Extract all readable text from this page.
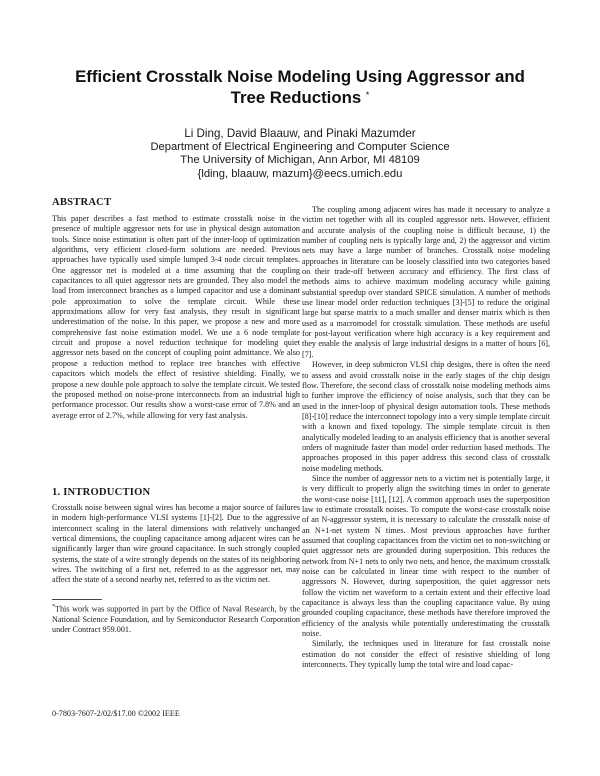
Efficient Crosstalk Noise Modeling Using Aggressor and
Tree Reductions *
Li Ding, David Blaauw, and Pinaki Mazumder
Department of Electrical Engineering and Computer Science
The University of Michigan, Ann Arbor, MI 48109
{lding, blaauw, mazum}@eecs.umich.edu
ABSTRACT

This paper describes a fast method to estimate crosstalk noise in the presence of multiple aggressor nets for use in physical design automation tools. Since noise estimation is often part of the inner-loop of optimization algorithms, very efficient closed-form solutions are needed. Previous approaches have typically used simple lumped 3-4 node circuit templates. One aggressor net is modeled at a time assuming that the coupling capacitances to all quiet aggressor nets are grounded. They also model the load from interconnect branches as a lumped capacitor and use a dominant pole approximation to solve the template circuit. While these approximations allow for very fast analysis, they result in significant underestimation of the noise. In this paper, we propose a new and more comprehensive fast noise estimation model. We use a 6 node template circuit and propose a novel reduction technique for modeling quiet aggressor nets based on the concept of coupling point admittance. We also propose a reduction method to replace tree branches with effective capacitors which models the effect of resistive shielding. Finally, we propose a new double pole approach to solve the template circuit. We tested the proposed method on noise-prone interconnects from an industrial high performance processor. Our results show a worst-case error of 7.8% and an average error of 2.7%, while allowing for very fast analysis.

1. INTRODUCTION

Crosstalk noise between signal wires has become a major source of failures in modern high-performance VLSI systems [1]-[2]. Due to the aggressive interconnect scaling in the lateral dimensions with relatively unchanged vertical dimensions, the coupling capacitance among adjacent wires can be significantly larger than wire ground capacitance. In such strongly coupled systems, the state of a wire strongly depends on the states of its neighboring wires. The switching of a first net, referred to as the aggressor net, may affect the state of a second nearby net, referred to as the victim net.

*This work was supported in part by the Office of Naval Research, by the National Science Foundation, and by Semiconductor Research Corporation under Contract 959.001.

The coupling among adjacent wires has made it necessary to analyze a victim net together with all its coupled aggressor nets. However, efficient and accurate analysis of the coupling noise is difficult because, 1) the number of coupling nets is typically large and, 2) the aggressor and victim nets may have a large number of branches. Crosstalk noise modeling approaches in literature can be loosely classified into two categories based on their trade-off between accuracy and efficiency. The first class of methods aims to achieve maximum modeling accuracy while gaining substantial speedup over standard SPICE simulation. A number of methods use linear model order reduction techniques [3]-[5] to reduce the original large but sparse matrix to a much smaller and denser matrix which is then used as a macromodel for crosstalk simulation. These methods are useful for post-layout verification where high accuracy is a key requirement and they enable the analysis of large industrial designs in a matter of hours [6], [7].

However, in deep submicron VLSI chip designs, there is often the need to assess and avoid crosstalk noise in the early stages of the chip design flow. Therefore, the second class of crosstalk noise modeling methods aims to further improve the efficiency of noise analysis, such that they can be used in the inner-loop of physical design automation tools. These methods [8]-[10] reduce the interconnect topology into a very simple template circuit with a known and fixed topology. The simple template circuit is then analytically modeled leading to an analysis efficiency that is another several orders of magnitude faster than model order reduction based methods. The approaches proposed in this paper address this second class of crosstalk noise modeling methods.

Since the number of aggressor nets to a victim net is potentially large, it is very difficult to properly align the switching times in order to generate the worst-case noise [11], [12]. A common approach uses the superposition law to estimate crosstalk noises. To compute the worst-case crosstalk noise of an N-aggressor system, it is necessary to calculate the crosstalk noise of an N+1-net system N times. Most previous approaches have further assumed that coupling capacitances from the victim net to non-switching or quiet aggressor nets are grounded during superposition. This reduces the network from N+1 nets to only two nets, and hence, the maximum crosstalk noise can be calculated in linear time with respect to the number of aggressors N. However, during superposition, the quiet aggressor nets follow the victim net waveform to a certain extent and their effective load capacitance is always less than the coupling capacitance value. By using grounded coupling capacitance, these methods have therefore improved the efficiency of the analysis while potentially underestimating the crosstalk noise.

Similarly, the techniques used in literature for fast crosstalk noise estimation do not consider the effect of resistive shielding of long interconnects. They typically lump the total wire and load capac-

0-7803-7607-2/02/$17.00 ©2002 IEEE
